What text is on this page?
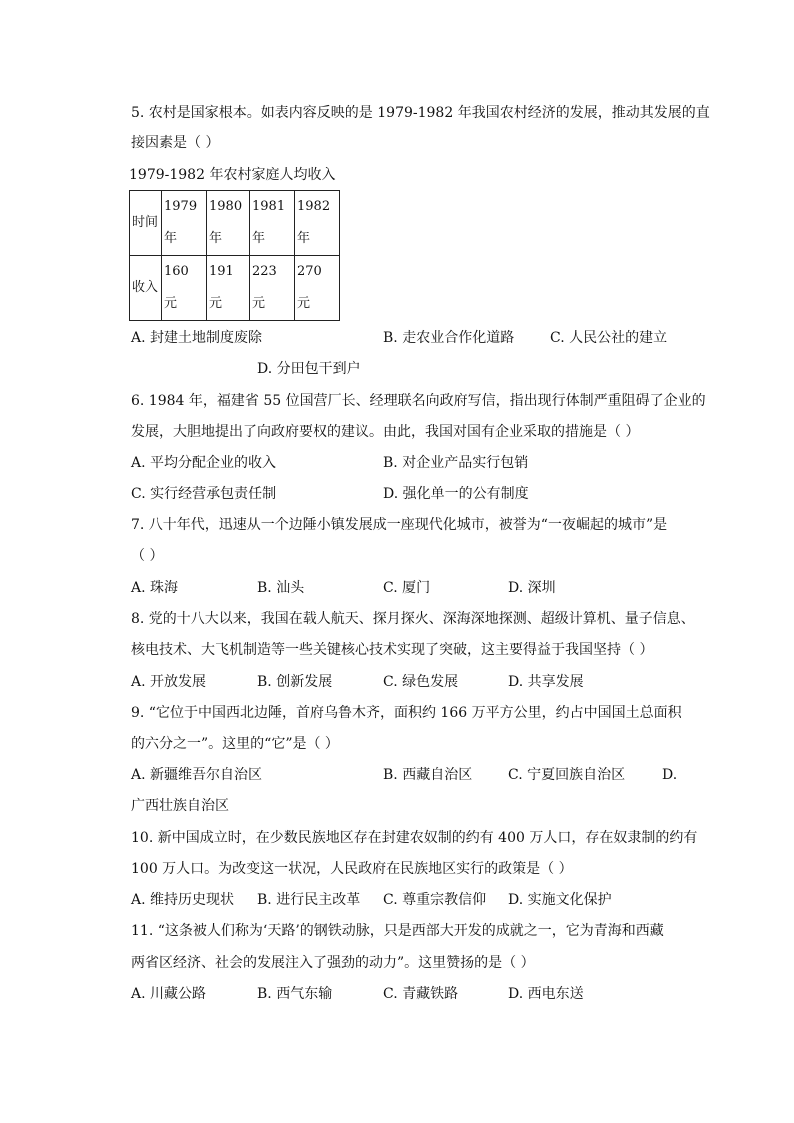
5. 农村是国家根本。如表内容反映的是 1979-1982 年我国农村经济的发展，推动其发展的直
接因素是（ ）
1979-1982 年农村家庭人均收入
时间	1979 年	1980 年	1981 年	1982 年
收入	160 元	191 元	223 元	270 元
A. 封建土地制度废除	B. 走农业合作化道路	C. 人民公社的建立
D. 分田包干到户
6. 1984 年，福建省 55 位国营厂长、经理联名向政府写信，指出现行体制严重阻碍了企业的
发展，大胆地提出了向政府要权的建议。由此，我国对国有企业采取的措施是（ ）
A. 平均分配企业的收入	B. 对企业产品实行包销
C. 实行经营承包责任制	D. 强化单一的公有制度
7. 八十年代，迅速从一个边陲小镇发展成一座现代化城市，被誉为“一夜崛起的城市”是
（ ）
A. 珠海	B. 汕头	C. 厦门	D. 深圳
8. 党的十八大以来，我国在载人航天、探月探火、深海深地探测、超级计算机、量子信息、
核电技术、大飞机制造等一些关键核心技术实现了突破，这主要得益于我国坚持（ ）
A. 开放发展	B. 创新发展	C. 绿色发展	D. 共享发展
9. “它位于中国西北边陲，首府乌鲁木齐，面积约 166 万平方公里，约占中国国土总面积
的六分之一”。这里的“它”是（ ）
A. 新疆维吾尔自治区	B. 西藏自治区	C. 宁夏回族自治区	D.
广西壮族自治区
10. 新中国成立时，在少数民族地区存在封建农奴制的约有 400 万人口，存在奴隶制的约有
100 万人口。为改变这一状况，人民政府在民族地区实行的政策是（ ）
A. 维持历史现状 B. 进行民主改革 C. 尊重宗教信仰 D. 实施文化保护
11. “这条被人们称为‘天路’的钢铁动脉，只是西部大开发的成就之一，它为青海和西藏
两省区经济、社会的发展注入了强劲的动力”。这里赞扬的是（ ）
A. 川藏公路	B. 西气东输	C. 青藏铁路	D. 西电东送
